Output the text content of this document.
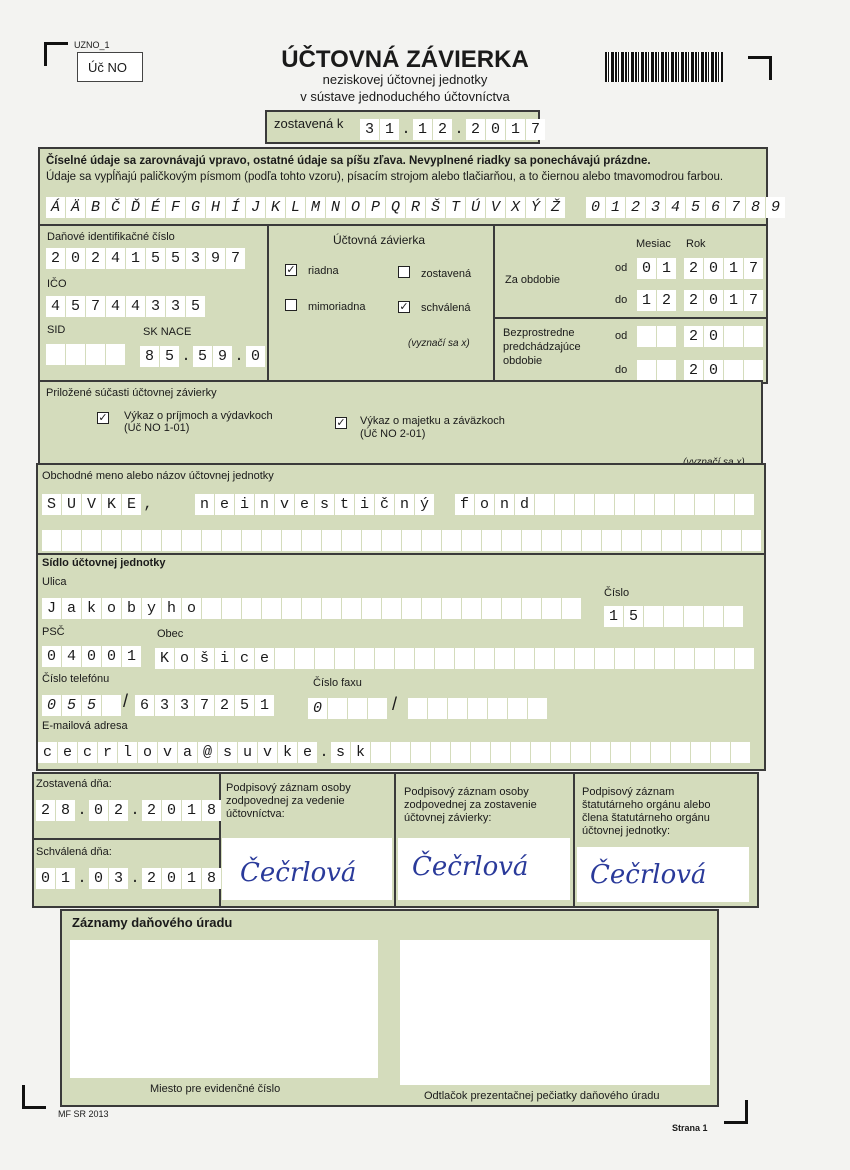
UZNO_1
Úč NO	ÚČTOVNÁ ZÁVIERKA
neziskovej účtovnej jednotky
v sústave jednoduchého účtovníctva
zostavená k	3 1 . 1 2 . 2 0 1 7
Číselné údaje sa zarovnávajú vpravo, ostatné údaje sa píšu zľava. Nevyplnené riadky sa ponechávajú prázdne.
Údaje sa vypĺňajú paličkovým písmom (podľa tohto vzoru), písacím strojom alebo tlačiarňou, a to čiernou alebo tmavomodrou farbou.
Á Ä B Č Ď É F G H Í J K L M N O P Q R Š T Ú V X Ý Ž	0 1 2 3 4 5 6 7 8 9
Daňové identifikačné číslo
2 0 2 4 1 5 5 3 9 7
IČO
4 5 7 4 4 3 3 5
SID	SK NACE
8 5 . 5 9 . 0
Účtovná závierka
✓ riadna	zostavená
mimoriadna	✓ schválená
(vyznačí sa x)
Mesiac Rok
Za obdobie
od 0 1	2 0 1 7
do 1 2	2 0 1 7
Bezprostredne
predchádzajúce
obdobie
od	2 0
do	2 0
Priložené súčasti účtovnej závierky
✓ Výkaz o príjmoch a výdavkoch
(Úč NO 1-01)	✓ Výkaz o majetku a záväzkoch
(Úč NO 2-01)
Obchodné meno alebo názov účtovnej jednotky
S U V K E ,	n e i n v e s t i č n ý	f o n d
Sídlo účtovnej jednotky
Ulica
J a k o b y h o
Číslo
1 5
PSČ
0 4 0 0 1
Obec
K o š i c e
Číslo telefónu
0 5 5 / 6 3 3 7 2 5 1
Číslo faxu
0	/
E-mailová adresa
c e c r l o v a @ s u v k e . s k
Zostavená dňa:
2 8 . 0 2 . 2 0 1 8
Schválená dňa:
0 1 . 0 3 . 2 0 1 8
Podpisový záznam osoby
zodpovednej za vedenie
účtovníctva:
Čečrlová
Podpisový záznam osoby
zodpovednej za zostavenie
účtovnej závierky:
Čečrlová
Podpisový záznam
štatutárneho orgánu alebo
člena štatutárneho orgánu
účtovnej jednotky:
Čečrlová
Záznamy daňového úradu
Miesto pre evidenčné číslo
Odtlačok prezentačnej pečiatky daňového úradu
MF SR 2013
Strana 1
